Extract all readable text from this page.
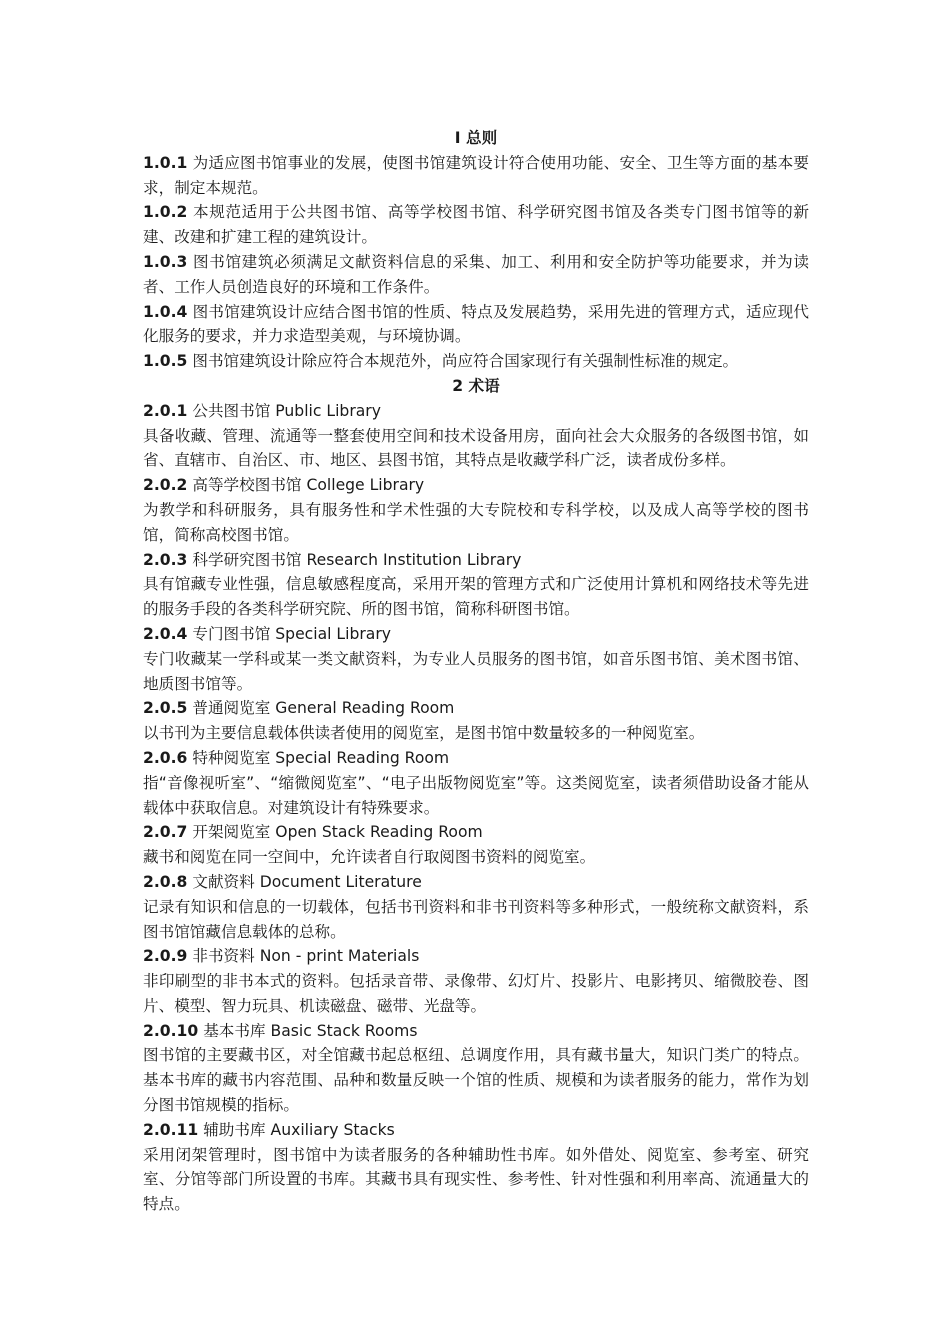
I 总则

1.0.1 为适应图书馆事业的发展，使图书馆建筑设计符合使用功能、安全、卫生等方面的基本要求，制定本规范。

1.0.2 本规范适用于公共图书馆、高等学校图书馆、科学研究图书馆及各类专门图书馆等的新建、改建和扩建工程的建筑设计。

1.0.3 图书馆建筑必须满足文献资料信息的采集、加工、利用和安全防护等功能要求，并为读者、工作人员创造良好的环境和工作条件。

1.0.4 图书馆建筑设计应结合图书馆的性质、特点及发展趋势，采用先进的管理方式，适应现代化服务的要求，并力求造型美观，与环境协调。

1.0.5 图书馆建筑设计除应符合本规范外，尚应符合国家现行有关强制性标准的规定。

2 术语

2.0.1 公共图书馆 Public Library

具备收藏、管理、流通等一整套使用空间和技术设备用房，面向社会大众服务的各级图书馆，如省、直辖市、自治区、市、地区、县图书馆，其特点是收藏学科广泛，读者成份多样。

2.0.2 高等学校图书馆 College Library

为教学和科研服务，具有服务性和学术性强的大专院校和专科学校，以及成人高等学校的图书馆，简称高校图书馆。

2.0.3 科学研究图书馆 Research Institution Library

具有馆藏专业性强，信息敏感程度高，采用开架的管理方式和广泛使用计算机和网络技术等先进的服务手段的各类科学研究院、所的图书馆，简称科研图书馆。

2.0.4 专门图书馆 Special Library

专门收藏某一学科或某一类文献资料，为专业人员服务的图书馆，如音乐图书馆、美术图书馆、地质图书馆等。

2.0.5 普通阅览室 General Reading Room

以书刊为主要信息载体供读者使用的阅览室，是图书馆中数量较多的一种阅览室。

2.0.6 特种阅览室 Special Reading Room

指“音像视听室”、“缩微阅览室”、“电子出版物阅览室”等。这类阅览室，读者须借助设备才能从载体中获取信息。对建筑设计有特殊要求。

2.0.7 开架阅览室 Open Stack Reading Room

藏书和阅览在同一空间中，允许读者自行取阅图书资料的阅览室。

2.0.8 文献资料 Document Literature

记录有知识和信息的一切载体，包括书刊资料和非书刊资料等多种形式，一般统称文献资料，系图书馆馆藏信息载体的总称。

2.0.9 非书资料 Non - print Materials

非印刷型的非书本式的资料。包括录音带、录像带、幻灯片、投影片、电影拷贝、缩微胶卷、图片、模型、智力玩具、机读磁盘、磁带、光盘等。

2.0.10 基本书库 Basic Stack Rooms

图书馆的主要藏书区，对全馆藏书起总枢纽、总调度作用，具有藏书量大，知识门类广的特点。基本书库的藏书内容范围、品种和数量反映一个馆的性质、规模和为读者服务的能力，常作为划分图书馆规模的指标。

2.0.11 辅助书库 Auxiliary Stacks

采用闭架管理时，图书馆中为读者服务的各种辅助性书库。如外借处、阅览室、参考室、研究室、分馆等部门所设置的书库。其藏书具有现实性、参考性、针对性强和利用率高、流通量大的特点。
